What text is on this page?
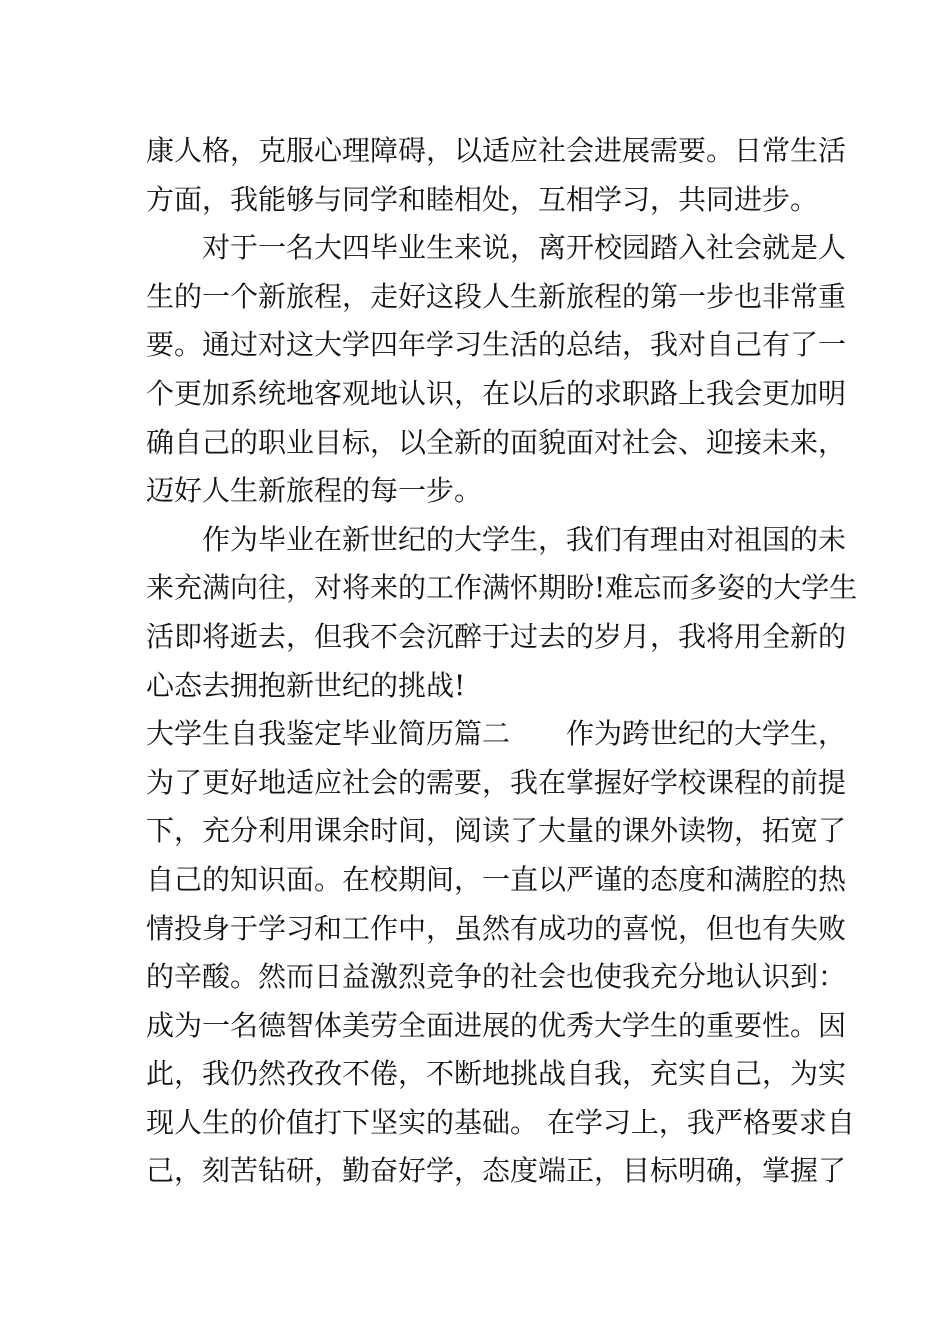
康人格，克服心理障碍，以适应社会进展需要。日常生活
方面，我能够与同学和睦相处，互相学习，共同进步。
对于一名大四毕业生来说，离开校园踏入社会就是人
生的一个新旅程，走好这段人生新旅程的第一步也非常重
要。通过对这大学四年学习生活的总结，我对自己有了一
个更加系统地客观地认识，在以后的求职路上我会更加明
确自己的职业目标，以全新的面貌面对社会、迎接未来，
迈好人生新旅程的每一步。
作为毕业在新世纪的大学生，我们有理由对祖国的未
来充满向往，对将来的工作满怀期盼!难忘而多姿的大学生
活即将逝去，但我不会沉醉于过去的岁月，我将用全新的
心态去拥抱新世纪的挑战!
大学生自我鉴定毕业简历篇二 作为跨世纪的大学生，
为了更好地适应社会的需要，我在掌握好学校课程的前提
下，充分利用课余时间，阅读了大量的课外读物，拓宽了
自己的知识面。在校期间，一直以严谨的态度和满腔的热
情投身于学习和工作中，虽然有成功的喜悦，但也有失败
的辛酸。然而日益激烈竞争的社会也使我充分地认识到：
成为一名德智体美劳全面进展的优秀大学生的重要性。因
此，我仍然孜孜不倦，不断地挑战自我，充实自己，为实
现人生的价值打下坚实的基础。 在学习上，我严格要求自
己，刻苦钻研，勤奋好学，态度端正，目标明确，掌握了
